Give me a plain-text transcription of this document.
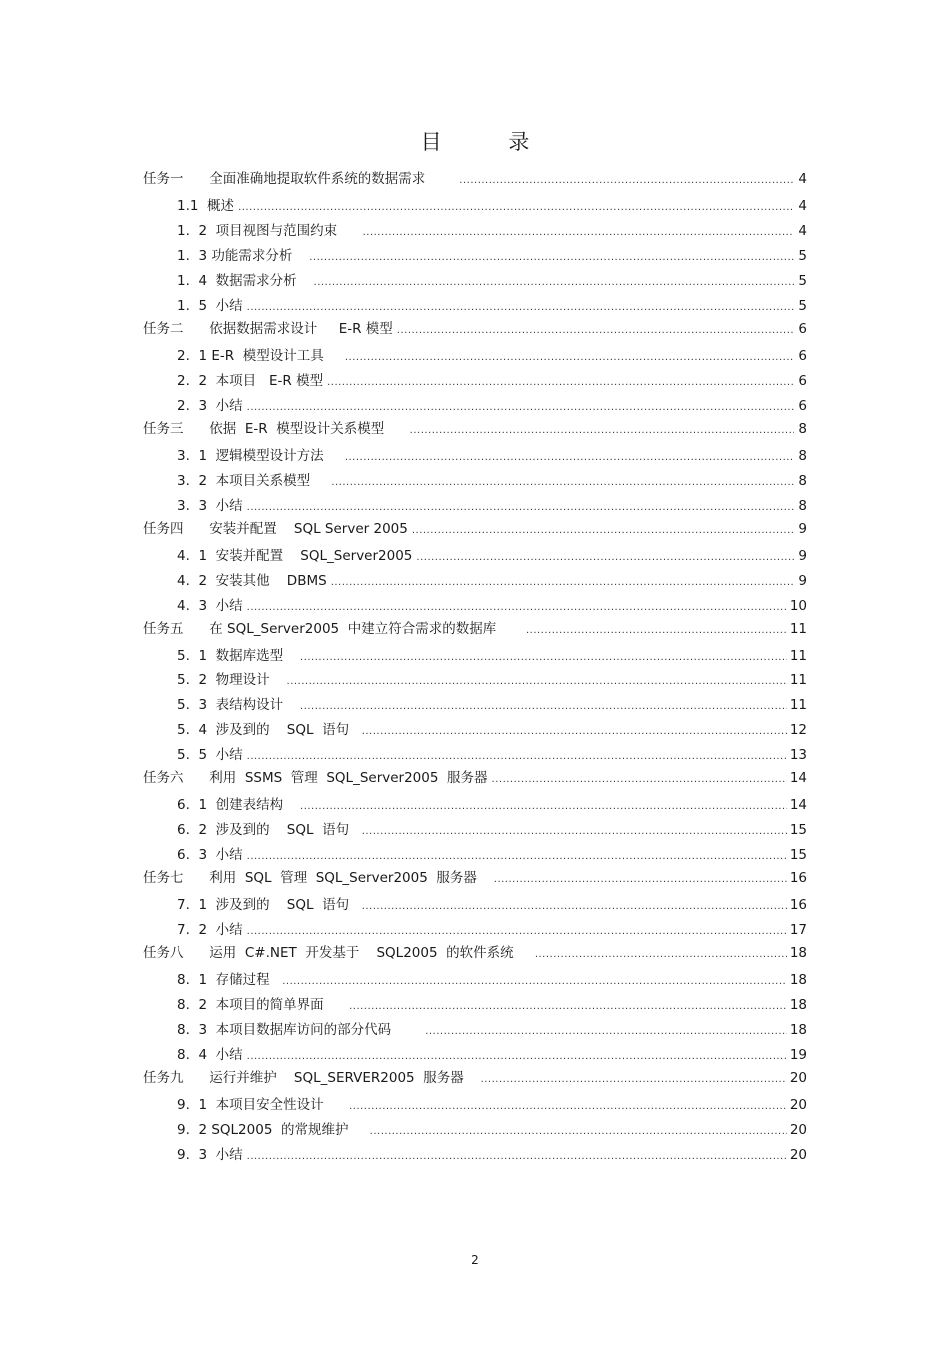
目 录
任务一      全面准确地提取软件系统的数据需求 .....	4
1.1  概述 .....	4
1.  2  项目视图与范围约束 .....	4
1.  3 功能需求分析 .....	5
1.  4  数据需求分析 .....	5
1.  5  小结 .....	5
任务二      依据数据需求设计     E-R 模型 .....	6
2.  1 E-R  模型设计工具 .....	6
2.  2  本项目   E-R 模型 .....	6
2.  3  小结 .....	6
任务三      依据  E-R  模型设计关系模型 .....	8
3.  1  逻辑模型设计方法 .....	8
3.  2  本项目关系模型 .....	8
3.  3  小结 .....	8
任务四      安装并配置    SQL Server 2005 .....	9
4.  1  安装并配置    SQL_Server2005 .....	9
4.  2  安装其他    DBMS .....	9
4.  3  小结 .....	10
任务五      在 SQL_Server2005  中建立符合需求的数据库 .....	11
5.  1  数据库选型 .....	11
5.  2  物理设计 .....	11
5.  3  表结构设计 .....	11
5.  4  涉及到的    SQL  语句 .....	12
5.  5  小结 .....	13
任务六      利用  SSMS  管理  SQL_Server2005  服务器 .....	14
6.  1  创建表结构 .....	14
6.  2  涉及到的    SQL  语句 .....	15
6.  3  小结 .....	15
任务七      利用  SQL  管理  SQL_Server2005  服务器 .....	16
7.  1  涉及到的    SQL  语句 .....	16
7.  2  小结 .....	17
任务八      运用  C#.NET  开发基于    SQL2005  的软件系统 .....	18
8.  1  存储过程 .....	18
8.  2  本项目的简单界面 .....	18
8.  3  本项目数据库访问的部分代码 .....	18
8.  4  小结 .....	19
任务九      运行并维护    SQL_SERVER2005  服务器 .....	20
9.  1  本项目安全性设计 .....	20
9.  2 SQL2005  的常规维护 .....	20
9.  3  小结 .....	20
2
